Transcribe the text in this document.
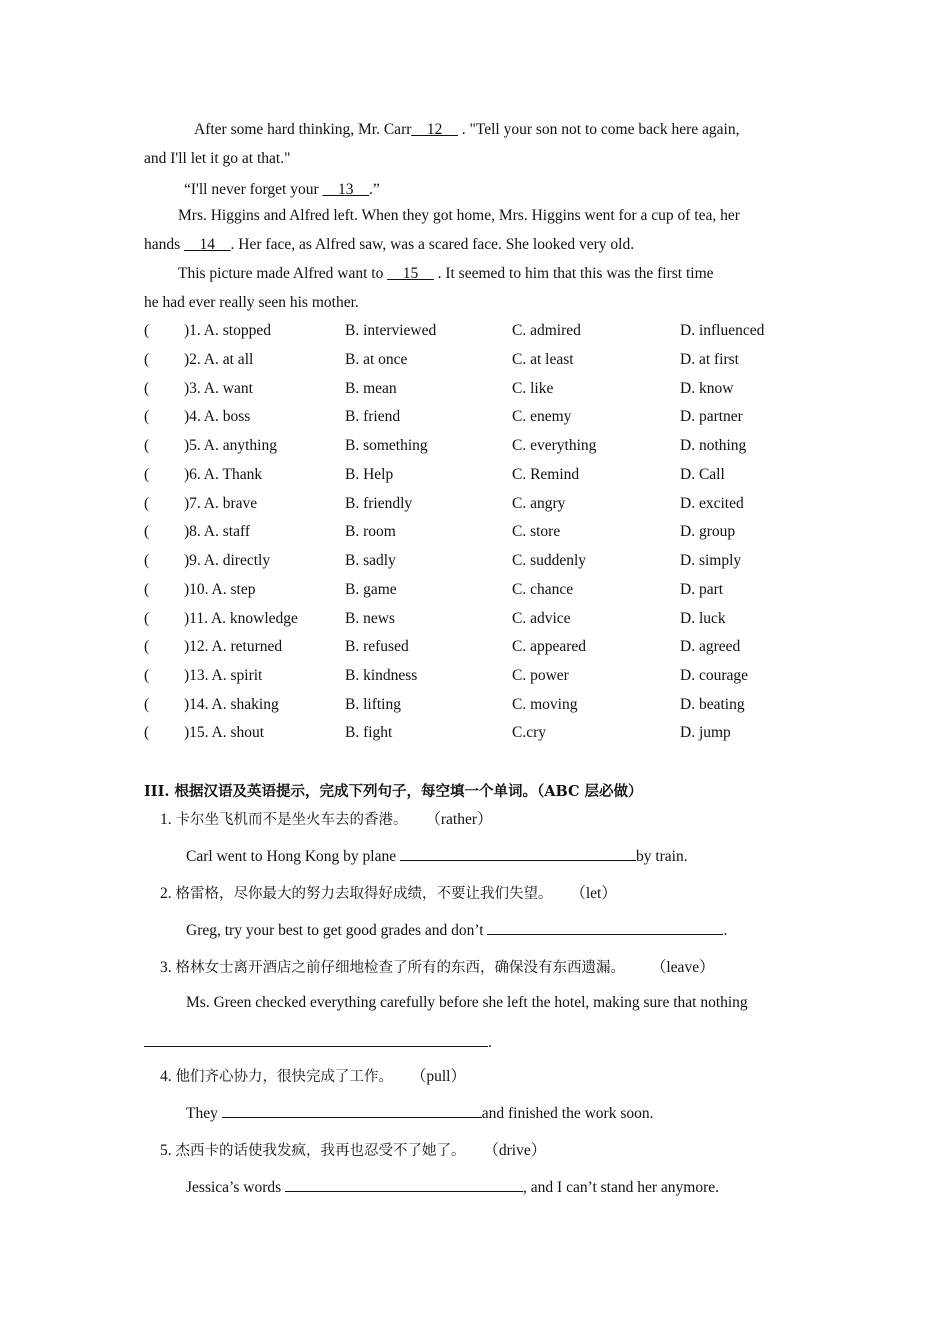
After some hard thinking, Mr. Carr__12__ . "Tell your son not to come back here again,
and I'll let it go at that."
“I'll never forget your __13__.”
Mrs. Higgins and Alfred left. When they got home, Mrs. Higgins went for a cup of tea, her
hands __14__. Her face, as Alfred saw, was a scared face. She looked very old.
This picture made Alfred want to __15__ . It seemed to him that this was the first time
he had ever really seen his mother.
( )1. A. stopped	B. interviewed	C. admired	D. influenced
( )2. A. at all	B. at once	C. at least	D. at first
( )3. A. want	B. mean	C. like	D. know
( )4. A. boss	B. friend	C. enemy	D. partner
( )5. A. anything	B. something	C. everything	D. nothing
( )6. A. Thank	B. Help	C. Remind	D. Call
( )7. A. brave	B. friendly	C. angry	D. excited
( )8. A. staff	B. room	C. store	D. group
( )9. A. directly	B. sadly	C. suddenly	D. simply
( )10. A. step	B. game	C. chance	D. part
( )11. A. knowledge	B. news	C. advice	D. luck
( )12. A. returned	B. refused	C. appeared	D. agreed
( )13. A. spirit	B. kindness	C. power	D. courage
( )14. A. shaking	B. lifting	C. moving	D. beating
( )15. A. shout	B. fight	C.cry	D. jump
III. 根据汉语及英语提示，完成下列句子，每空填一个单词。（ABC 层必做）
1. 卡尔坐飞机而不是坐火车去的香港。 （rather）
Carl went to Hong Kong by plane	by train.
2. 格雷格，尽你最大的努力去取得好成绩，不要让我们失望。 （let）
Greg, try your best to get good grades and don’t	.
3. 格林女士离开酒店之前仔细地检查了所有的东西，确保没有东西遗漏。 （leave）
Ms. Green checked everything carefully before she left the hotel, making sure that nothing
.
4. 他们齐心协力，很快完成了工作。 （pull）
They	and finished the work soon.
5. 杰西卡的话使我发疯，我再也忍受不了她了。 （drive）
Jessica’s words	, and I can’t stand her anymore.
